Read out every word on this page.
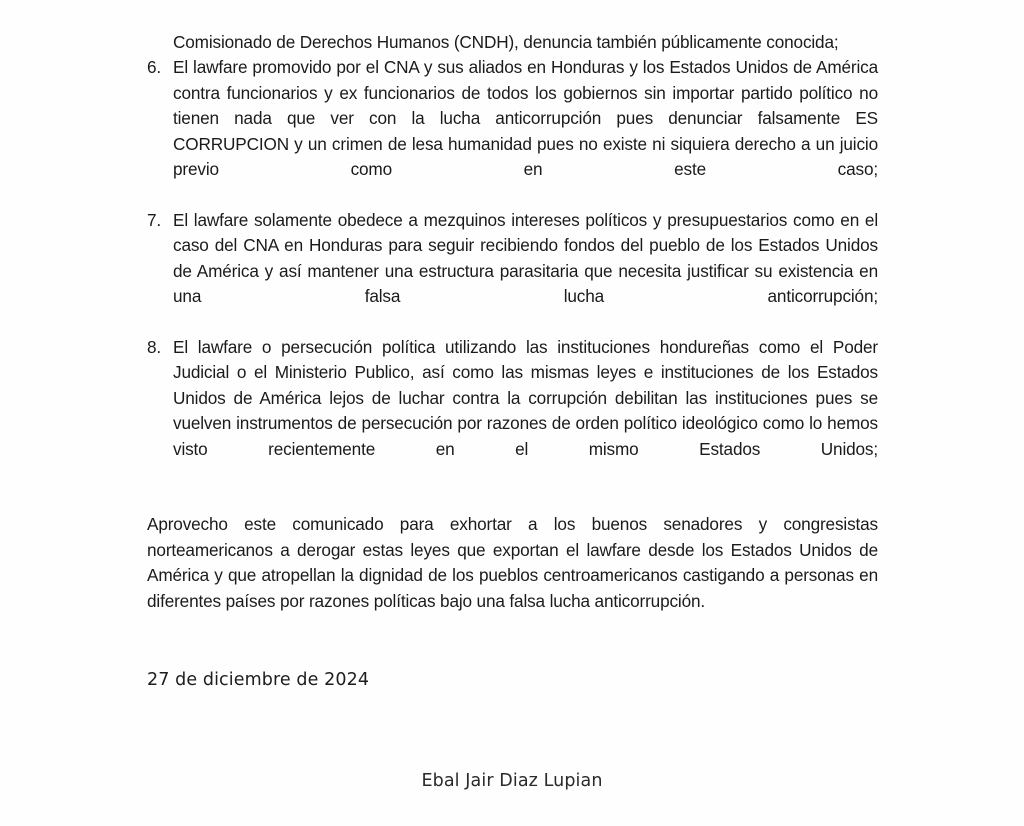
Comisionado de Derechos Humanos (CNDH), denuncia también públicamente conocida;

6. El lawfare promovido por el CNA y sus aliados en Honduras y los Estados Unidos de América contra funcionarios y ex funcionarios de todos los gobiernos sin importar partido político no tienen nada que ver con la lucha anticorrupción pues denunciar falsamente ES CORRUPCION y un crimen de lesa humanidad pues no existe ni siquiera derecho a un juicio previo como en este caso;
7. El lawfare solamente obedece a mezquinos intereses políticos y presupuestarios como en el caso del CNA en Honduras para seguir recibiendo fondos del pueblo de los Estados Unidos de América y así mantener una estructura parasitaria que necesita justificar su existencia en una falsa lucha anticorrupción;
8. El lawfare o persecución política utilizando las instituciones hondureñas como el Poder Judicial o el Ministerio Publico, así como las mismas leyes e instituciones de los Estados Unidos de América lejos de luchar contra la corrupción debilitan las instituciones pues se vuelven instrumentos de persecución por razones de orden político ideológico como lo hemos visto recientemente en el mismo Estados Unidos;

Aprovecho este comunicado para exhortar a los buenos senadores y congresistas norteamericanos a derogar estas leyes que exportan el lawfare desde los Estados Unidos de América y que atropellan la dignidad de los pueblos centroamericanos castigando a personas en diferentes países por razones políticas bajo una falsa lucha anticorrupción.

27 de diciembre de 2024
Ebal Jair Diaz Lupian
